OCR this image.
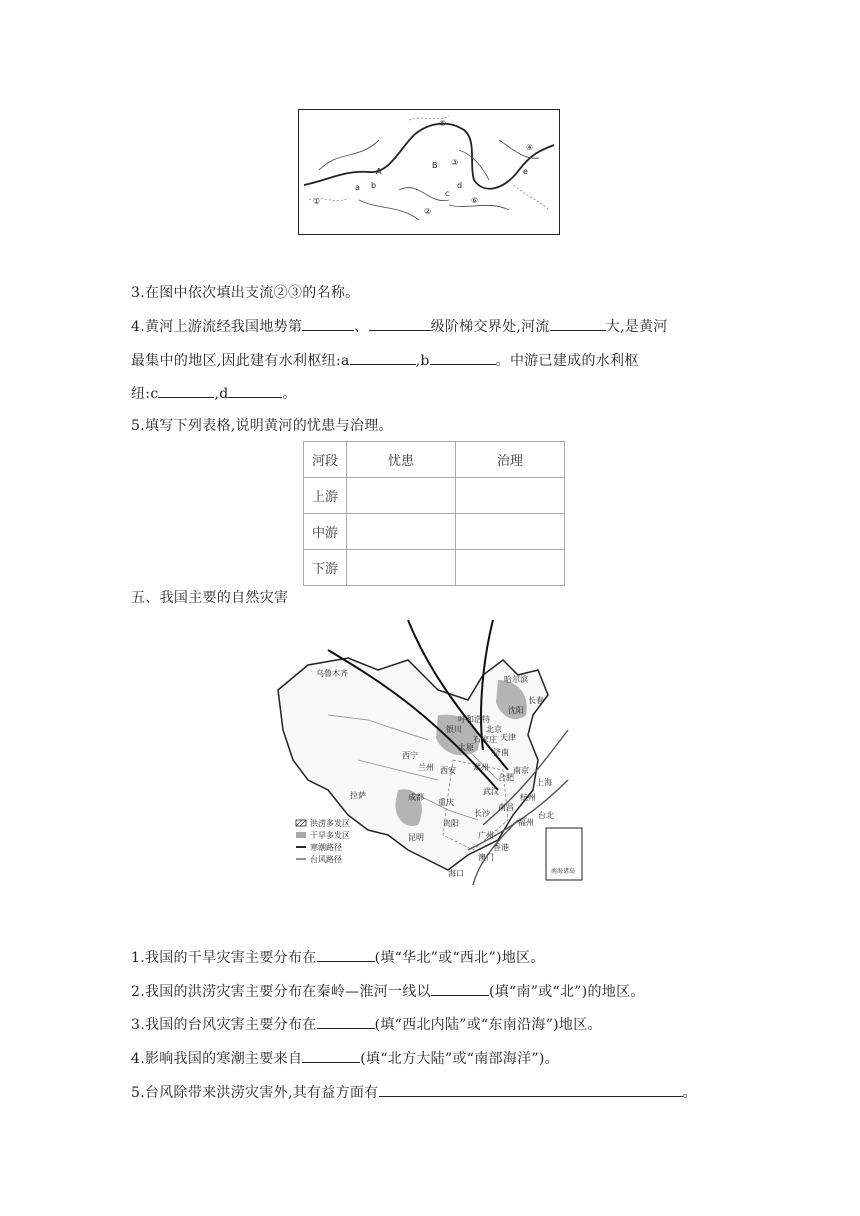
⑤
B ③
④
A
a b
c
d
e
①
②
⑥
3.在图中依次填出支流②③的名称。
4.黄河上游流经我国地势第	、	级阶梯交界处,河流	大,是黄河
最集中的地区,因此建有水利枢纽:a	,b	。中游已建成的水利枢
纽:c	,d	。
5.填写下列表格,说明黄河的忧患与治理。
河段	忧患	治理
上游		
中游		
下游		
五、我国主要的自然灾害
南海诸岛
哈尔滨
乌鲁木齐
呼和浩特
沈阳
长春
银川	北京
天津
石家庄
太原
济南
西宁
兰州 西安 郑州
合肥
南京
上海
拉萨	成都
重庆
武汉
杭州
长沙
南昌
福州
贵阳
昆明	广州
香港
澳门
海口
台北
洪涝多发区
干旱多发区
寒潮路径
台风路径
1.我国的干旱灾害主要分布在	(填“华北”或“西北”)地区。
2.我国的洪涝灾害主要分布在秦岭—淮河一线以	(填“南”或“北”)的地区。
3.我国的台风灾害主要分布在	(填“西北内陆”或“东南沿海”)地区。
4.影响我国的寒潮主要来自	(填“北方大陆”或“南部海洋”)。
5.台风除带来洪涝灾害外,其有益方面有	。
